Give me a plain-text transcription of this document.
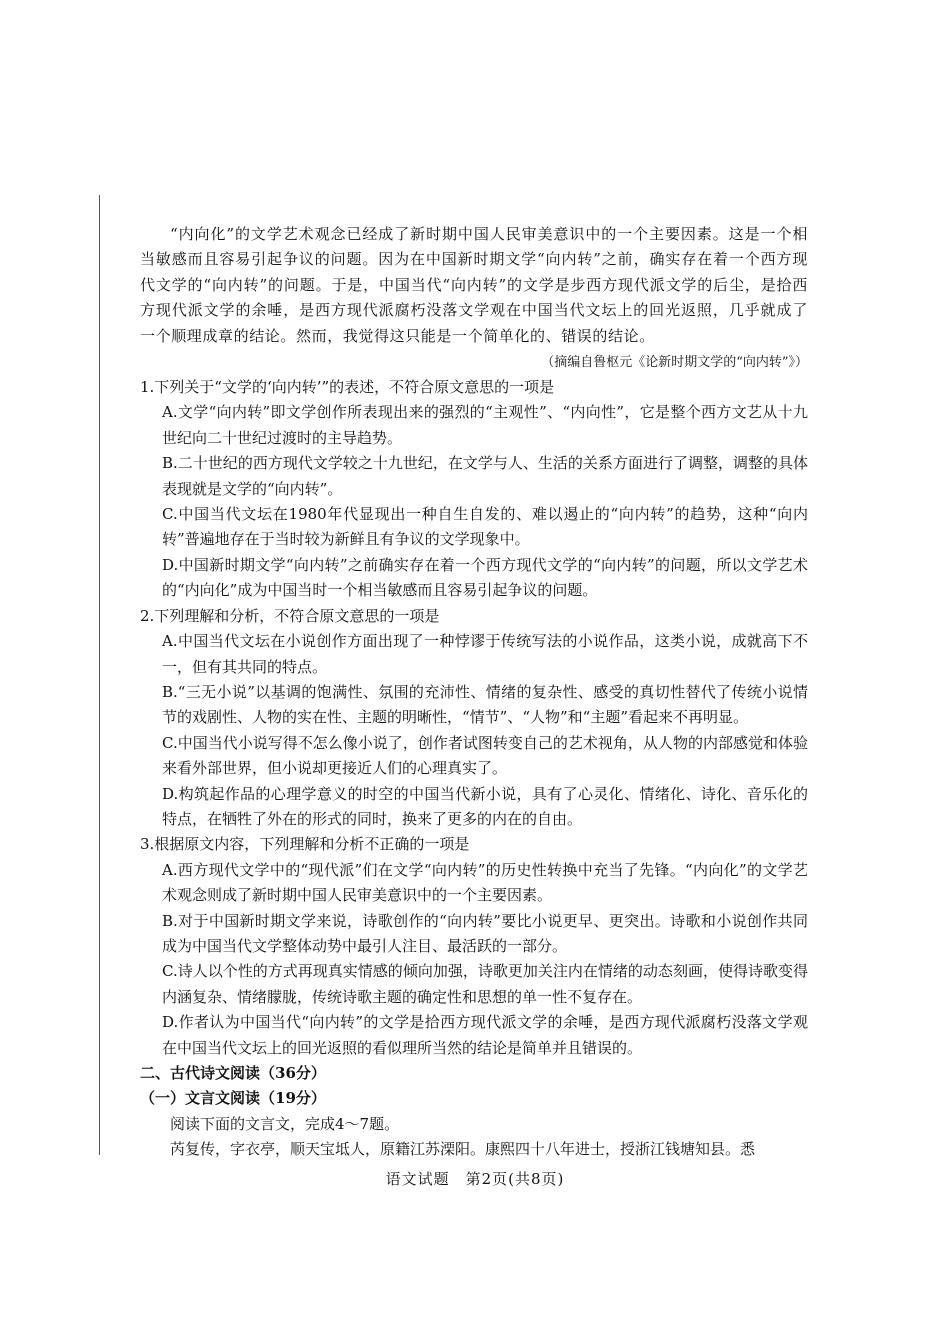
“内向化”的文学艺术观念已经成了新时期中国人民审美意识中的一个主要因素。这是一个相当敏感而且容易引起争议的问题。因为在中国新时期文学“向内转”之前，确实存在着一个西方现代文学的“向内转”的问题。于是，中国当代“向内转”的文学是步西方现代派文学的后尘，是拾西方现代派文学的余唾，是西方现代派腐朽没落文学观在中国当代文坛上的回光返照，几乎就成了一个顺理成章的结论。然而，我觉得这只能是一个简单化的、错误的结论。

（摘编自鲁枢元《论新时期文学的“向内转”》）

1.下列关于“文学的‘向内转’”的表述，不符合原文意思的一项是

A.文学“向内转”即文学创作所表现出来的强烈的“主观性”、“内向性”，它是整个西方文艺从十九世纪向二十世纪过渡时的主导趋势。

B.二十世纪的西方现代文学较之十九世纪，在文学与人、生活的关系方面进行了调整，调整的具体表现就是文学的“向内转”。

C.中国当代文坛在1980年代显现出一种自生自发的、难以遏止的“向内转”的趋势，这种“向内转”普遍地存在于当时较为新鲜且有争议的文学现象中。

D.中国新时期文学“向内转”之前确实存在着一个西方现代文学的“向内转”的问题，所以文学艺术的“内向化”成为中国当时一个相当敏感而且容易引起争议的问题。

2.下列理解和分析，不符合原文意思的一项是

A.中国当代文坛在小说创作方面出现了一种悖谬于传统写法的小说作品，这类小说，成就高下不一，但有其共同的特点。

B.“三无小说”以基调的饱满性、氛围的充沛性、情绪的复杂性、感受的真切性替代了传统小说情节的戏剧性、人物的实在性、主题的明晰性，“情节”、“人物”和“主题”看起来不再明显。

C.中国当代小说写得不怎么像小说了，创作者试图转变自己的艺术视角，从人物的内部感觉和体验来看外部世界，但小说却更接近人们的心理真实了。

D.构筑起作品的心理学意义的时空的中国当代新小说，具有了心灵化、情绪化、诗化、音乐化的特点，在牺牲了外在的形式的同时，换来了更多的内在的自由。

3.根据原文内容，下列理解和分析不正确的一项是

A.西方现代文学中的“现代派”们在文学“向内转”的历史性转换中充当了先锋。“内向化”的文学艺术观念则成了新时期中国人民审美意识中的一个主要因素。

B.对于中国新时期文学来说，诗歌创作的“向内转”要比小说更早、更突出。诗歌和小说创作共同成为中国当代文学整体动势中最引人注目、最活跃的一部分。

C.诗人以个性的方式再现真实情感的倾向加强，诗歌更加关注内在情绪的动态刻画，使得诗歌变得内涵复杂、情绪朦胧，传统诗歌主题的确定性和思想的单一性不复存在。

D.作者认为中国当代“向内转”的文学是拾西方现代派文学的余唾，是西方现代派腐朽没落文学观在中国当代文坛上的回光返照的看似理所当然的结论是简单并且错误的。

二、古代诗文阅读（36分）

（一）文言文阅读（19分）

阅读下面的文言文，完成4～7题。

芮复传，字衣亭，顺天宝坻人，原籍江苏溧阳。康熙四十八年进士，授浙江钱塘知县。悉

语文试题　第2页(共8页)
